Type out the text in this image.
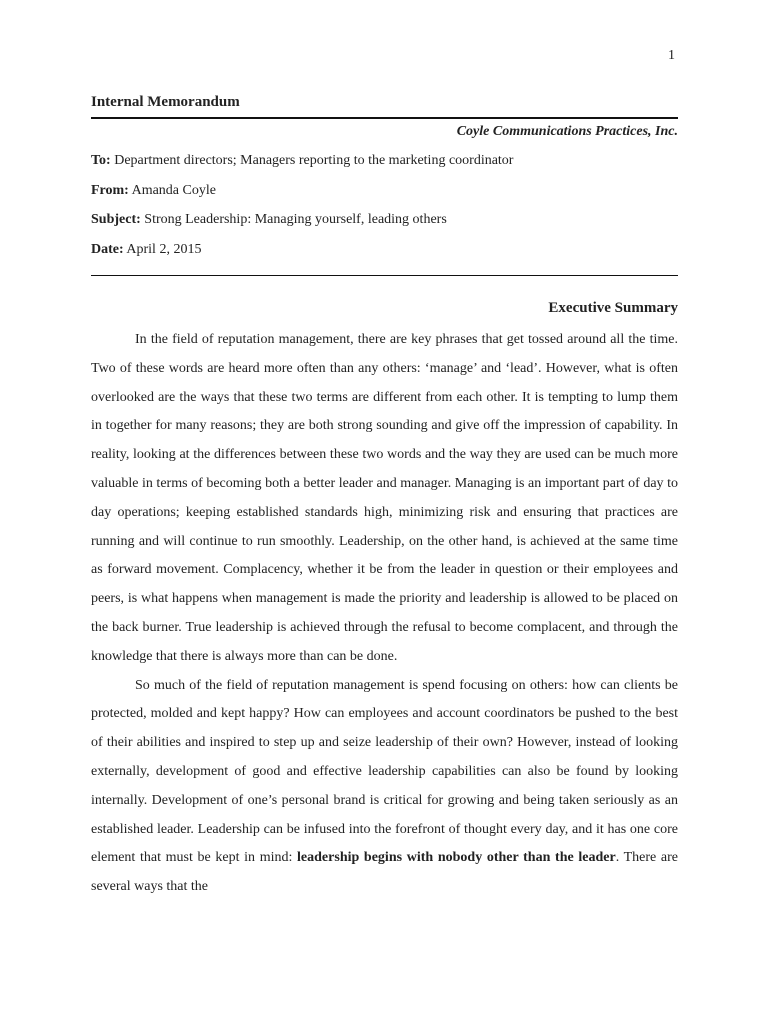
1
Internal Memorandum
Coyle Communications Practices, Inc.
To: Department directors; Managers reporting to the marketing coordinator
From: Amanda Coyle
Subject: Strong Leadership: Managing yourself, leading others
Date: April 2, 2015
Executive Summary

In the field of reputation management, there are key phrases that get tossed around all the time. Two of these words are heard more often than any others: ‘manage’ and ‘lead’. However, what is often overlooked are the ways that these two terms are different from each other. It is tempting to lump them in together for many reasons; they are both strong sounding and give off the impression of capability. In reality, looking at the differences between these two words and the way they are used can be much more valuable in terms of becoming both a better leader and manager. Managing is an important part of day to day operations; keeping established standards high, minimizing risk and ensuring that practices are running and will continue to run smoothly. Leadership, on the other hand, is achieved at the same time as forward movement. Complacency, whether it be from the leader in question or their employees and peers, is what happens when management is made the priority and leadership is allowed to be placed on the back burner. True leadership is achieved through the refusal to become complacent, and through the knowledge that there is always more than can be done.

So much of the field of reputation management is spend focusing on others: how can clients be protected, molded and kept happy? How can employees and account coordinators be pushed to the best of their abilities and inspired to step up and seize leadership of their own? However, instead of looking externally, development of good and effective leadership capabilities can also be found by looking internally. Development of one’s personal brand is critical for growing and being taken seriously as an established leader. Leadership can be infused into the forefront of thought every day, and it has one core element that must be kept in mind: leadership begins with nobody other than the leader. There are several ways that the
